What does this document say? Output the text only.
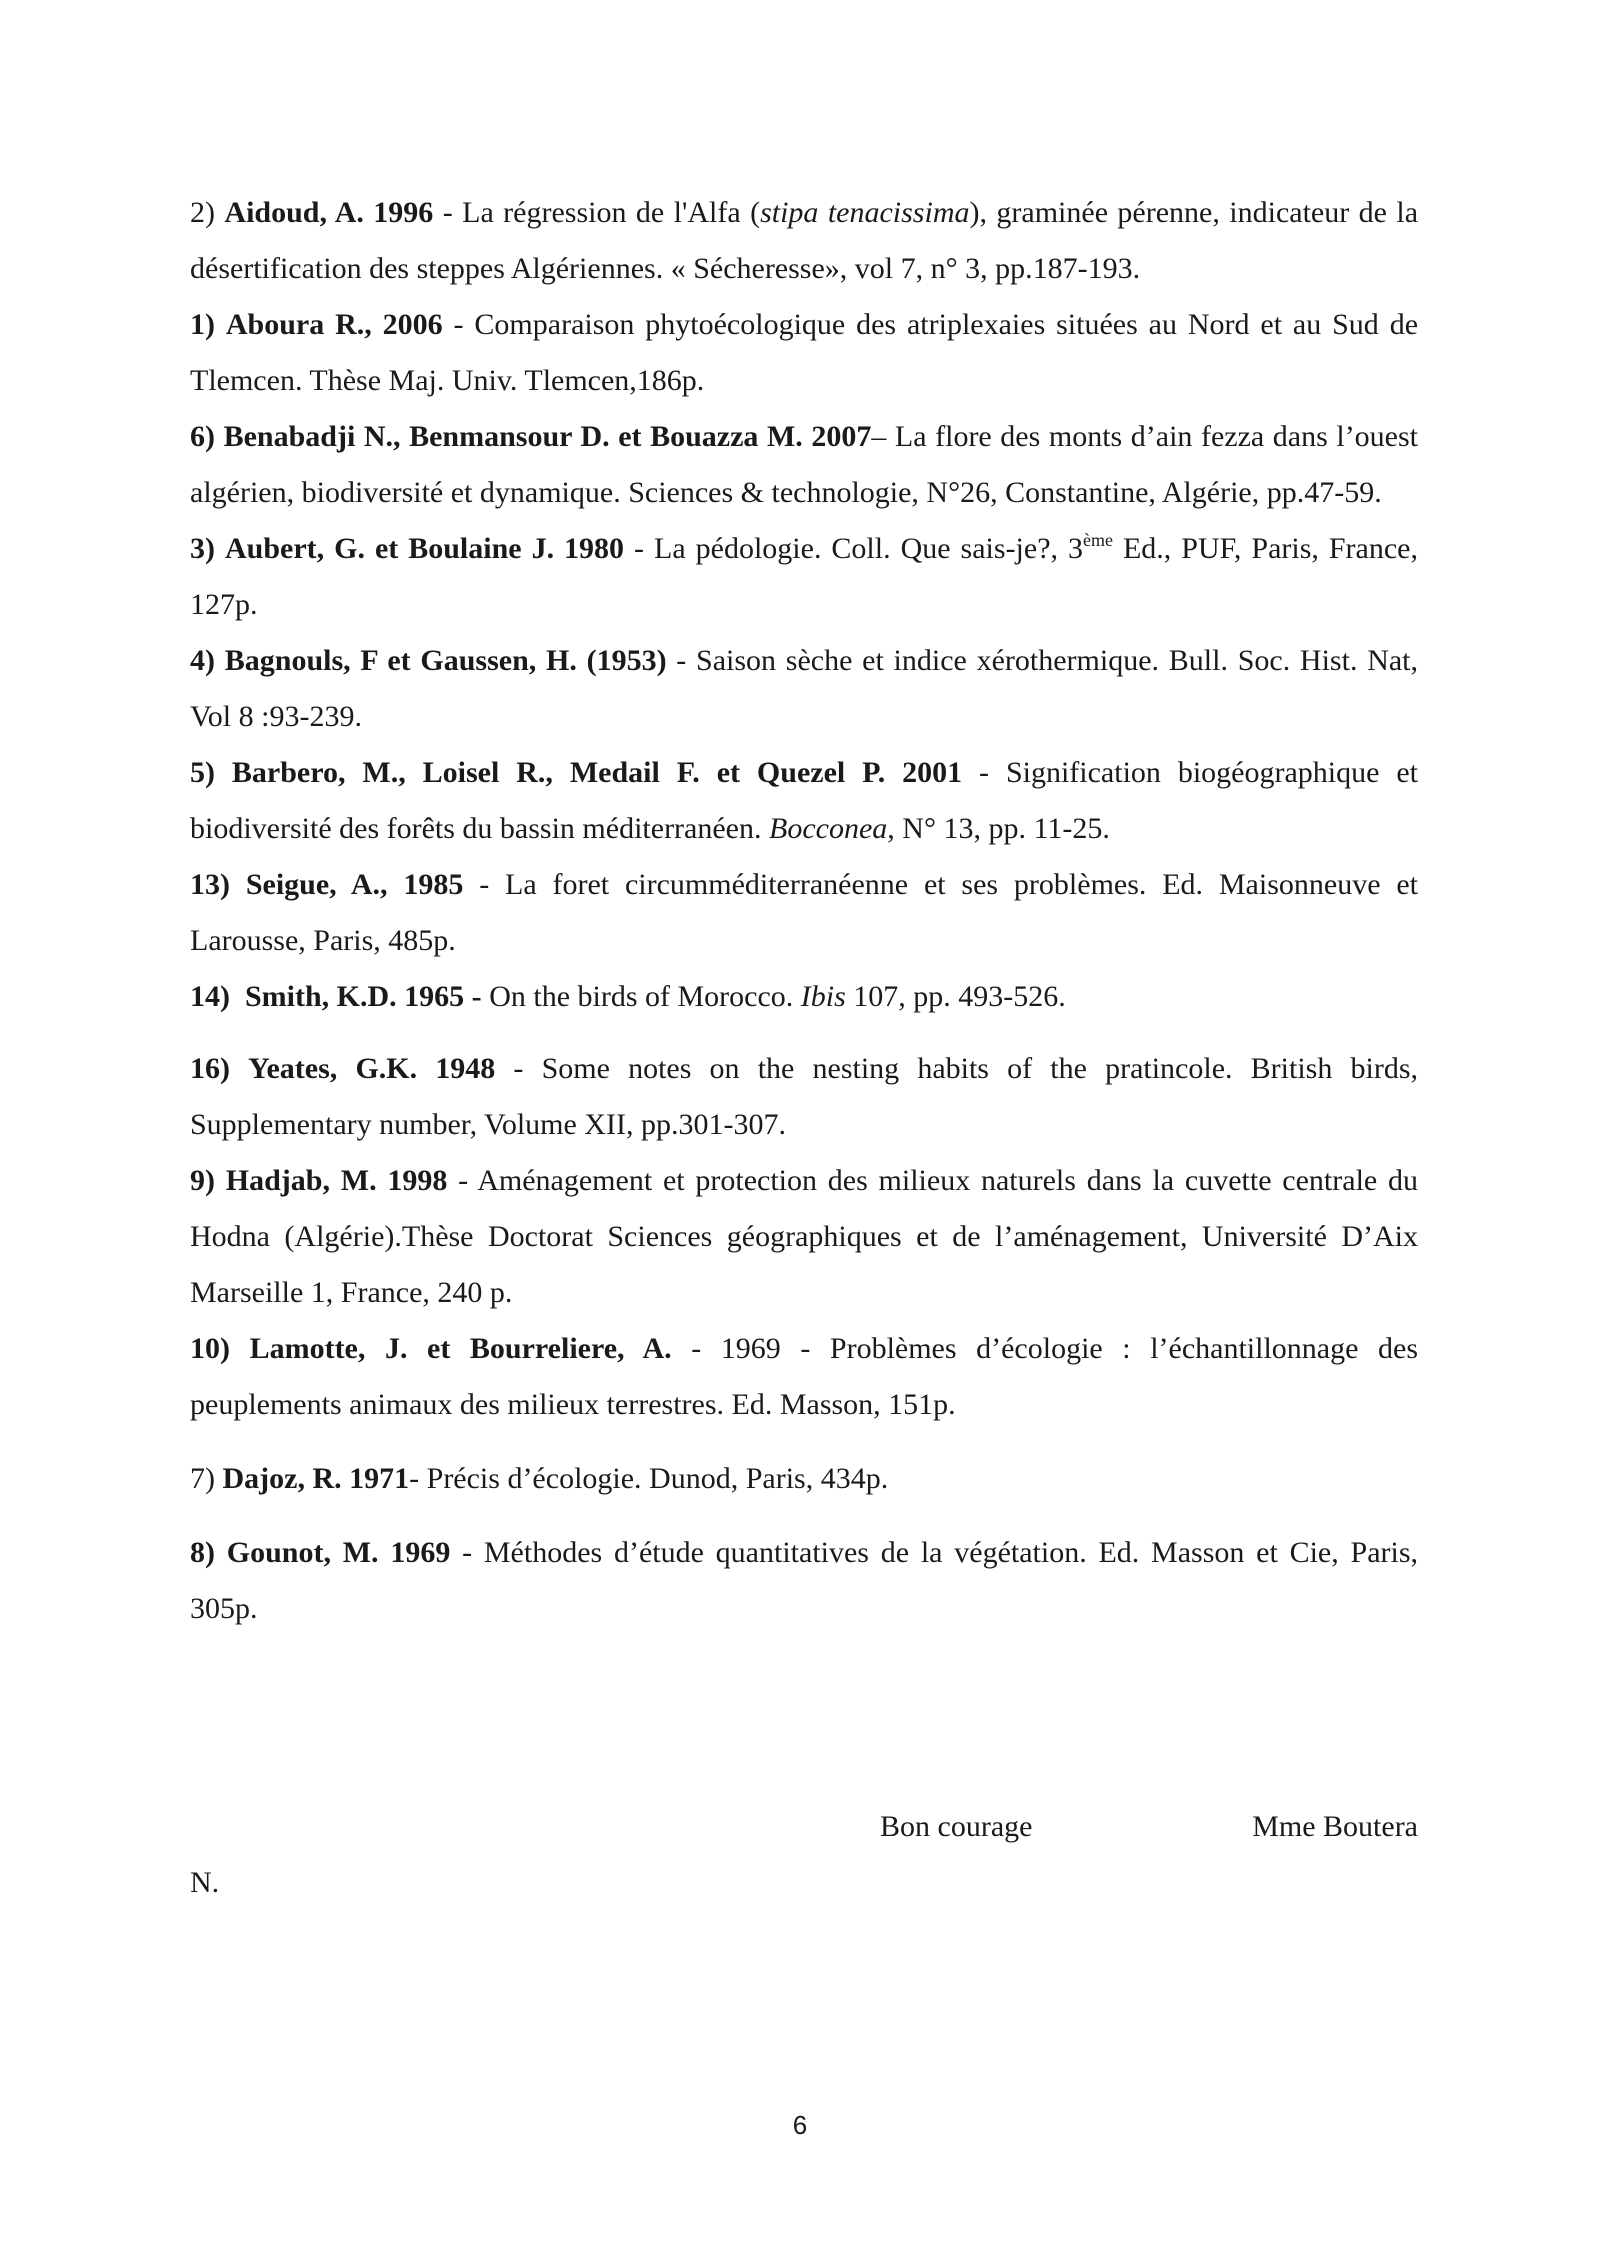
2) Aidoud, A. 1996 - La régression de l'Alfa (stipa tenacissima), graminée pérenne, indicateur de la désertification des steppes Algériennes. « Sécheresse», vol 7, n° 3, pp.187-193.

1) Aboura R., 2006 - Comparaison phytoécologique des atriplexaies situées au Nord et au Sud de Tlemcen. Thèse Maj. Univ. Tlemcen,186p.

6) Benabadji N., Benmansour D. et Bouazza M. 2007– La flore des monts d’ain fezza dans l’ouest algérien, biodiversité et dynamique. Sciences & technologie, N°26, Constantine, Algérie, pp.47-59.

3) Aubert, G. et Boulaine J. 1980 - La pédologie. Coll. Que sais-je?, 3ème Ed., PUF, Paris, France, 127p.

4) Bagnouls, F et Gaussen, H. (1953) - Saison sèche et indice xérothermique. Bull. Soc. Hist. Nat, Vol 8 :93-239.

5) Barbero, M., Loisel R., Medail F. et Quezel P. 2001 - Signification biogéographique et biodiversité des forêts du bassin méditerranéen. Bocconea, N° 13, pp. 11-25.

13) Seigue, A., 1985 - La foret circumméditerranéenne et ses problèmes. Ed. Maisonneuve et Larousse, Paris, 485p.

14) Smith, K.D. 1965 - On the birds of Morocco. Ibis 107, pp. 493-526.

16) Yeates, G.K. 1948 - Some notes on the nesting habits of the pratincole. British birds, Supplementary number, Volume XII, pp.301-307.

9) Hadjab, M. 1998 - Aménagement et protection des milieux naturels dans la cuvette centrale du Hodna (Algérie).Thèse Doctorat Sciences géographiques et de l’aménagement, Université D’Aix Marseille 1, France, 240 p.

10) Lamotte, J. et Bourreliere, A. - 1969 - Problèmes d’écologie : l’échantillonnage des peuplements animaux des milieux terrestres. Ed. Masson, 151p.

7) Dajoz, R. 1971- Précis d’écologie. Dunod, Paris, 434p.

8) Gounot, M. 1969 - Méthodes d’étude quantitatives de la végétation. Ed. Masson et Cie, Paris, 305p.

Bon courage	Mme Boutera
N.
6
